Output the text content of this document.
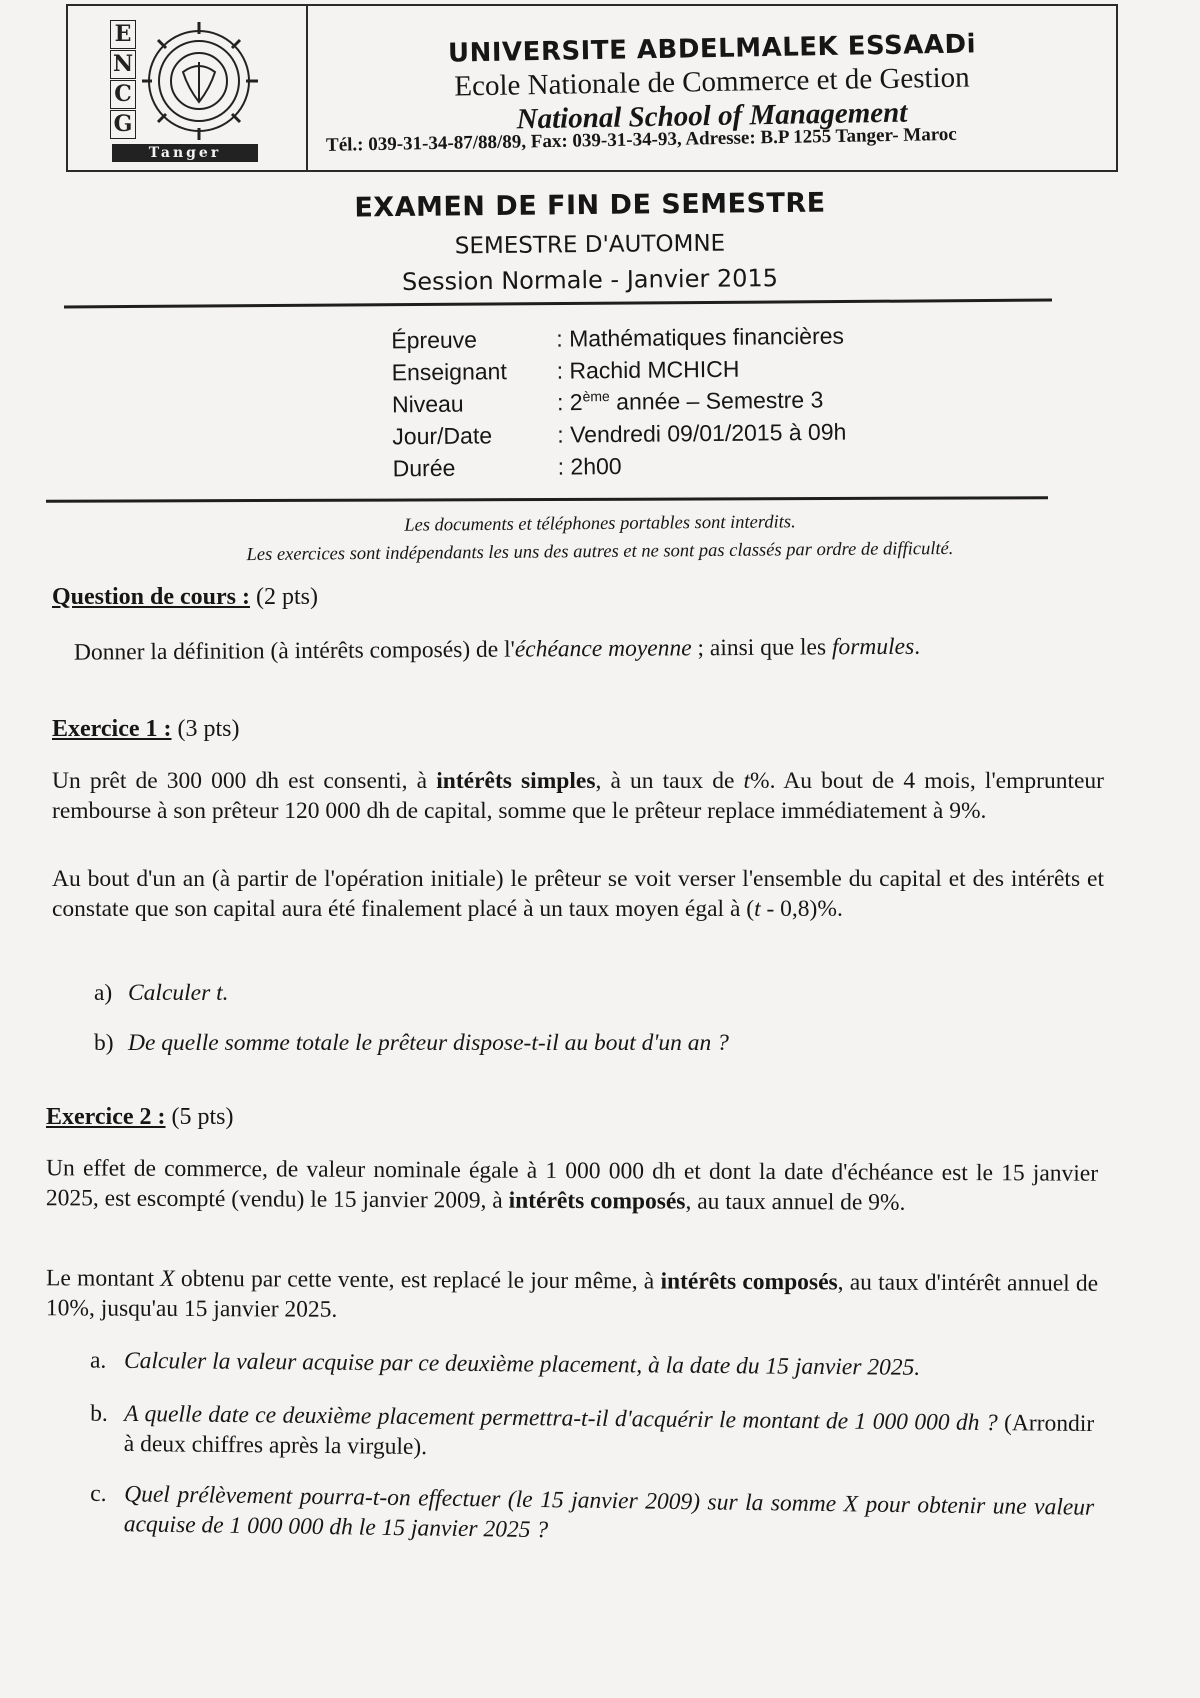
E
N
C
G
Tanger
UNIVERSITE ABDELMALEK ESSAADi
Ecole Nationale de Commerce et de Gestion
National School of Management
Tél.: 039-31-34-87/88/89, Fax: 039-31-34-93, Adresse: B.P 1255 Tanger- Maroc
EXAMEN DE FIN DE SEMESTRE
SEMESTRE D'AUTOMNE
Session Normale - Janvier 2015
Épreuve	: Mathématiques financières
Enseignant	: Rachid MCHICH
Niveau	: 2ème année – Semestre 3
Jour/Date	: Vendredi 09/01/2015 à 09h
Durée	: 2h00
Les documents et téléphones portables sont interdits.
Les exercices sont indépendants les uns des autres et ne sont pas classés par ordre de difficulté.
Question de cours : (2 pts)
Donner la définition (à intérêts composés) de l'échéance moyenne ; ainsi que les formules.
Exercice 1 : (3 pts)
Un prêt de 300 000 dh est consenti, à intérêts simples, à un taux de t%. Au bout de 4 mois, l'emprunteur rembourse à son prêteur 120 000 dh de capital, somme que le prêteur replace immédiatement à 9%.
Au bout d'un an (à partir de l'opération initiale) le prêteur se voit verser l'ensemble du capital et des intérêts et constate que son capital aura été finalement placé à un taux moyen égal à (t - 0,8)%.
a) Calculer t.
b) De quelle somme totale le prêteur dispose-t-il au bout d'un an ?
Exercice 2 : (5 pts)
Un effet de commerce, de valeur nominale égale à 1 000 000 dh et dont la date d'échéance est le 15 janvier 2025, est escompté (vendu) le 15 janvier 2009, à intérêts composés, au taux annuel de 9%.
Le montant X obtenu par cette vente, est replacé le jour même, à intérêts composés, au taux d'intérêt annuel de 10%, jusqu'au 15 janvier 2025.
a. Calculer la valeur acquise par ce deuxième placement, à la date du 15 janvier 2025.
b. A quelle date ce deuxième placement permettra-t-il d'acquérir le montant de 1 000 000 dh ? (Arrondir à deux chiffres après la virgule).
c. Quel prélèvement pourra-t-on effectuer (le 15 janvier 2009) sur la somme X pour obtenir une valeur acquise de 1 000 000 dh le 15 janvier 2025 ?
